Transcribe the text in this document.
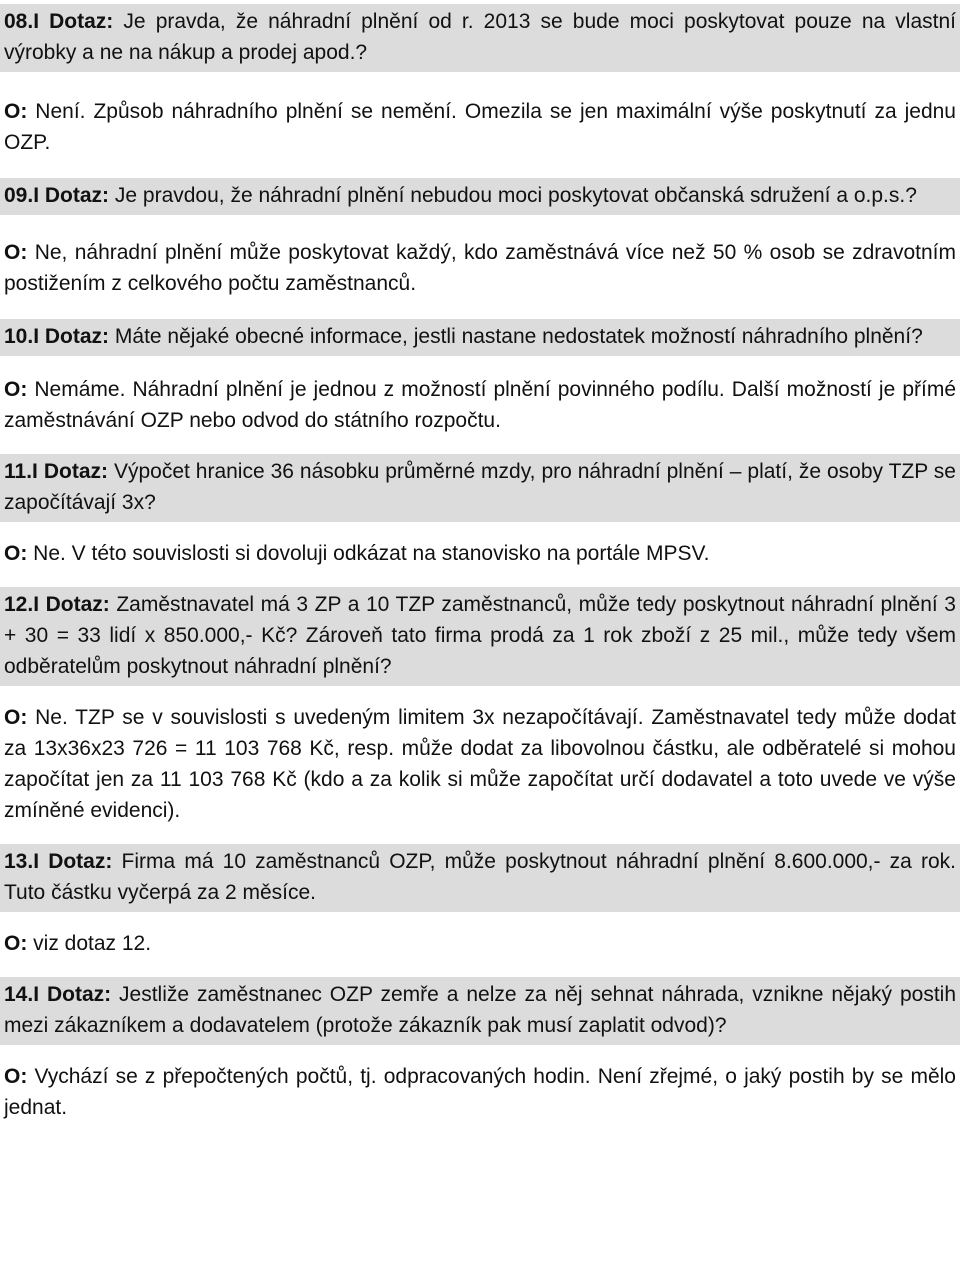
08.I Dotaz: Je pravda, že náhradní plnění od r. 2013 se bude moci poskytovat pouze na vlastní výrobky a ne na nákup a prodej apod.?
O: Není. Způsob náhradního plnění se nemění. Omezila se jen maximální výše poskytnutí za jednu OZP.
09.I Dotaz: Je pravdou, že náhradní plnění nebudou moci poskytovat občanská sdružení a o.p.s.?
O: Ne, náhradní plnění může poskytovat každý, kdo zaměstnává více než 50 % osob se zdravotním postižením z celkového počtu zaměstnanců.
10.I Dotaz: Máte nějaké obecné informace, jestli nastane nedostatek možností náhradního plnění?
O: Nemáme. Náhradní plnění je jednou z možností plnění povinného podílu. Další možností je přímé zaměstnávání OZP nebo odvod do státního rozpočtu.
11.I Dotaz: Výpočet hranice 36 násobku průměrné mzdy, pro náhradní plnění – platí, že osoby TZP se započítávají 3x?
O: Ne. V této souvislosti si dovoluji odkázat na stanovisko na portále MPSV.
12.I Dotaz: Zaměstnavatel má 3 ZP a 10 TZP zaměstnanců, může tedy poskytnout náhradní plnění 3 + 30 = 33 lidí x 850.000,- Kč? Zároveň tato firma prodá za 1 rok zboží z 25 mil., může tedy všem odběratelům poskytnout náhradní plnění?
O: Ne. TZP se v souvislosti s uvedeným limitem 3x nezapočítávají. Zaměstnavatel tedy může dodat za 13x36x23 726 = 11 103 768 Kč, resp. může dodat za libovolnou částku, ale odběratelé si mohou započítat jen za 11 103 768 Kč (kdo a za kolik si může započítat určí dodavatel a toto uvede ve výše zmíněné evidenci).
13.I Dotaz: Firma má 10 zaměstnanců OZP, může poskytnout náhradní plnění 8.600.000,- za rok. Tuto částku vyčerpá za 2 měsíce.
O: viz dotaz 12.
14.I Dotaz: Jestliže zaměstnanec OZP zemře a nelze za něj sehnat náhrada, vznikne nějaký postih mezi zákazníkem a dodavatelem (protože zákazník pak musí zaplatit odvod)?
O: Vychází se z přepočtených počtů, tj. odpracovaných hodin. Není zřejmé, o jaký postih by se mělo jednat.
